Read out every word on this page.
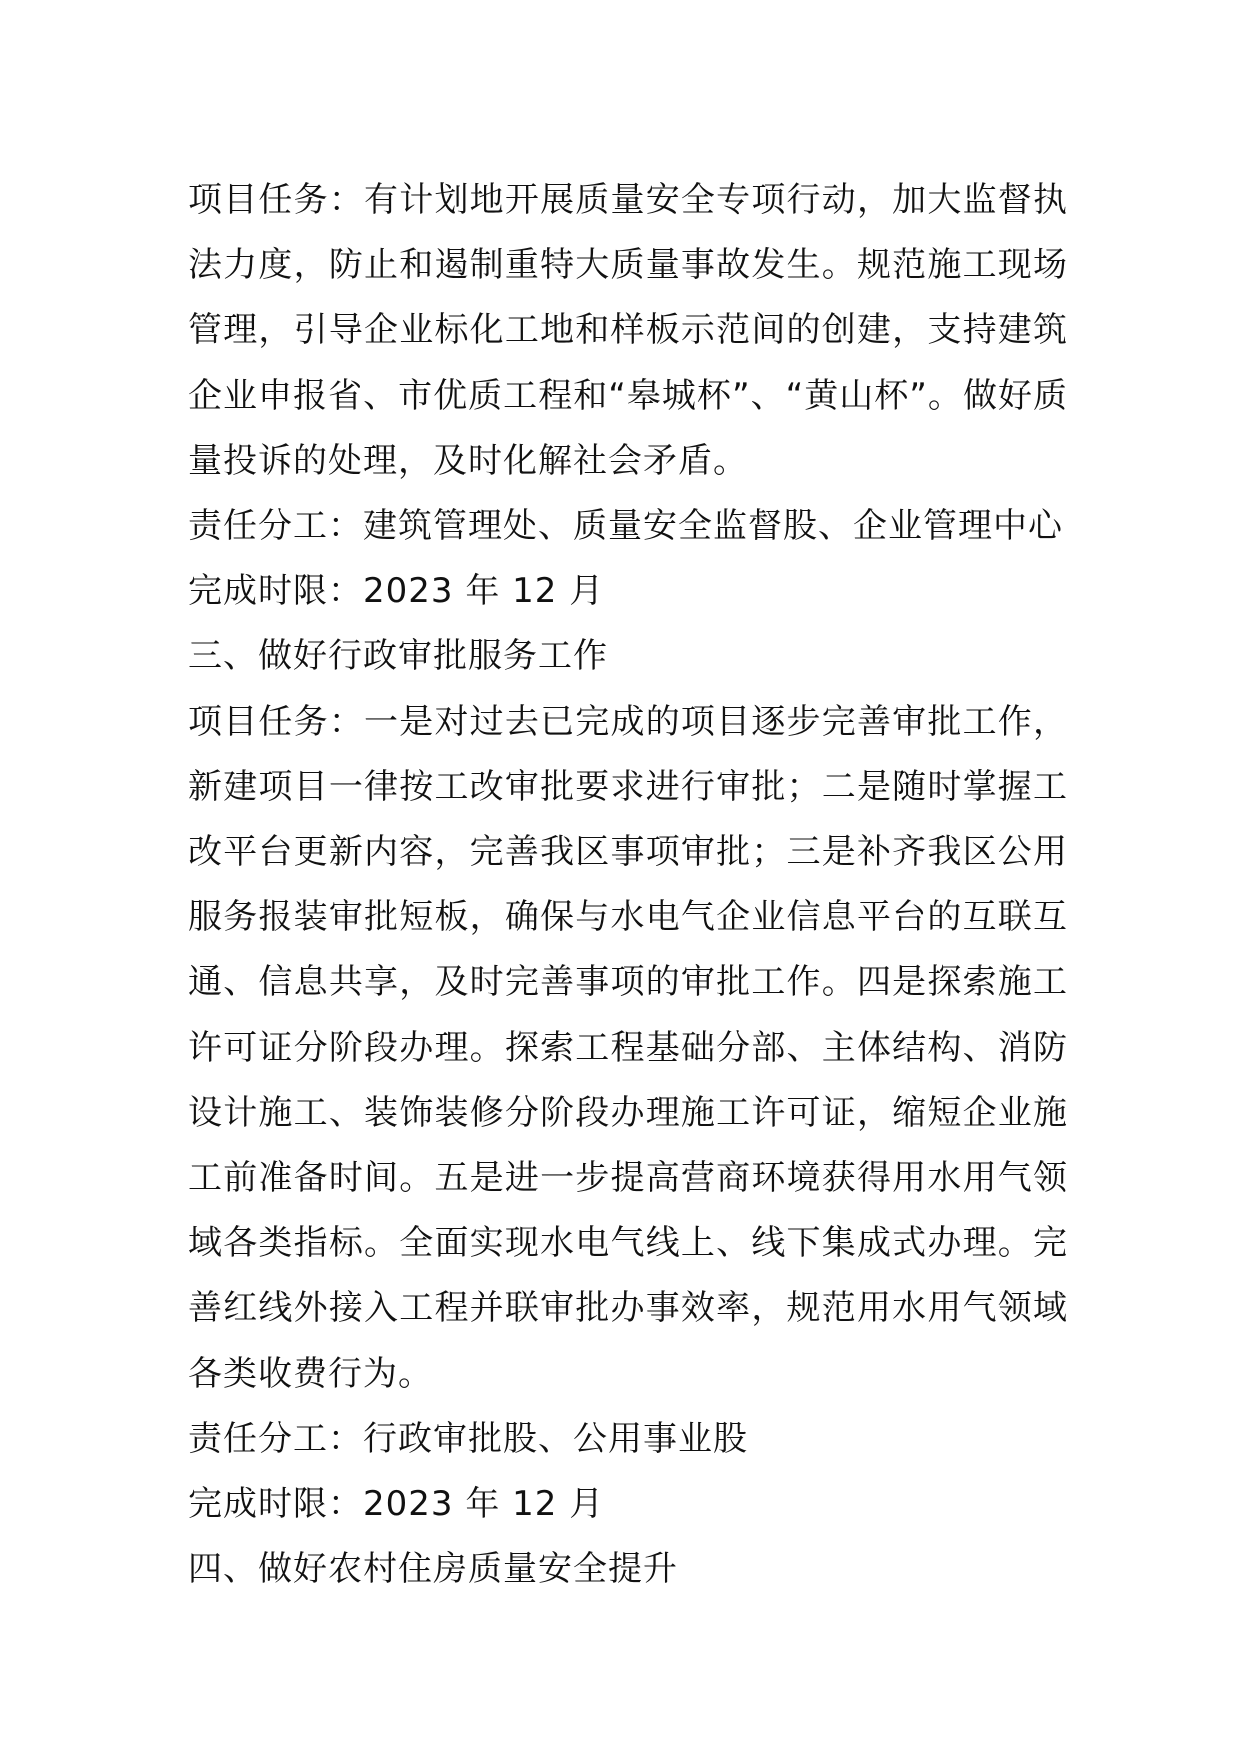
项目任务：有计划地开展质量安全专项行动，加大监督执法力度，防止和遏制重特大质量事故发生。规范施工现场管理，引导企业标化工地和样板示范间的创建，支持建筑企业申报省、市优质工程和“皋城杯”、“黄山杯”。做好质量投诉的处理，及时化解社会矛盾。

责任分工：建筑管理处、质量安全监督股、企业管理中心

完成时限：2023 年 12 月

三、做好行政审批服务工作

项目任务：一是对过去已完成的项目逐步完善审批工作，新建项目一律按工改审批要求进行审批；二是随时掌握工改平台更新内容，完善我区事项审批；三是补齐我区公用服务报装审批短板，确保与水电气企业信息平台的互联互通、信息共享，及时完善事项的审批工作。四是探索施工许可证分阶段办理。探索工程基础分部、主体结构、消防设计施工、装饰装修分阶段办理施工许可证，缩短企业施工前准备时间。五是进一步提高营商环境获得用水用气领域各类指标。全面实现水电气线上、线下集成式办理。完善红线外接入工程并联审批办事效率，规范用水用气领域各类收费行为。

责任分工：行政审批股、公用事业股

完成时限：2023 年 12 月

四、做好农村住房质量安全提升
